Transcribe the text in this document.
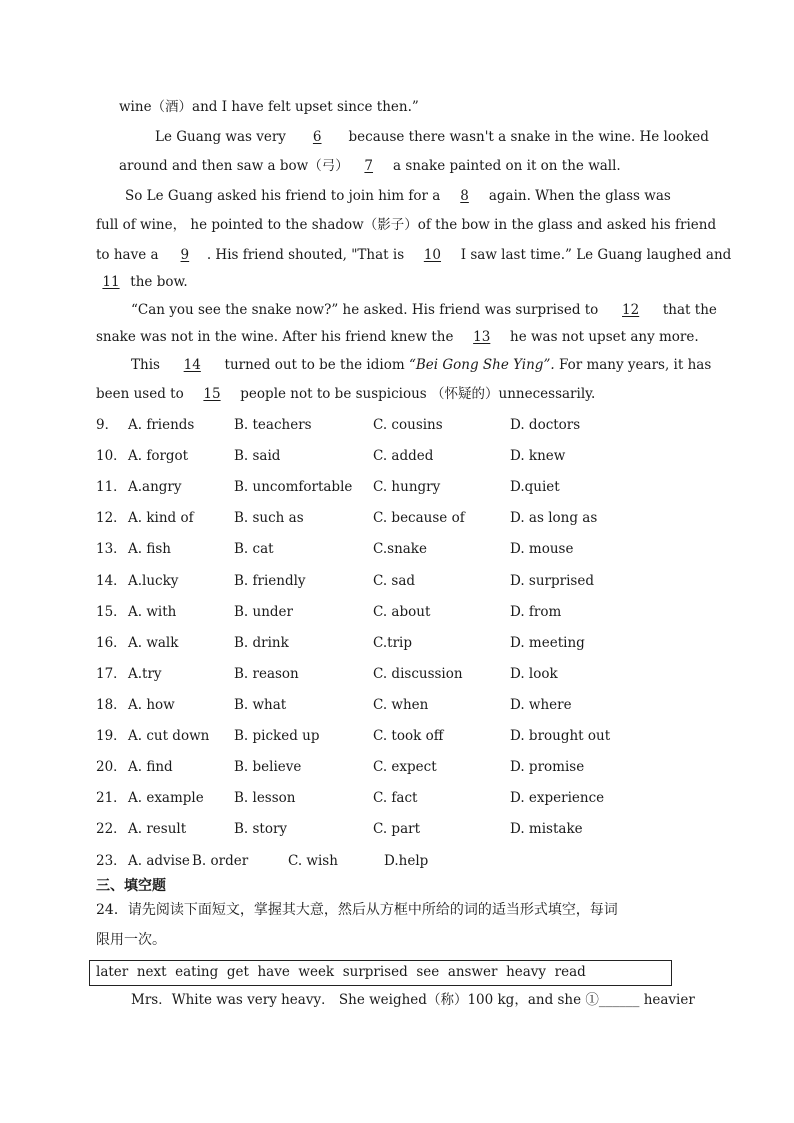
wine（酒）and I have felt upset since then.”
Le Guang was very 6 because there wasn't a snake in the wine. He looked
around and then saw a bow（弓） 7 a snake painted on it on the wall.
So Le Guang asked his friend to join him for a 8 again. When the glass was
full of wine， he pointed to the shadow（影子）of the bow in the glass and asked his friend
to have a 9 . His friend shouted, "That is 10 I saw last time.” Le Guang laughed and
11 the bow.
“Can you see the snake now?” he asked. His friend was surprised to 12 that the
snake was not in the wine. After his friend knew the 13 he was not upset any more.
This 14 turned out to be the idiom “Bei Gong She Ying”. For many years, it has
been used to 15 people not to be suspicious （怀疑的）unnecessarily.
9． A. friends	B. teachers	C. cousins	D. doctors
10． A. forgot	B. said	C. added	D. knew
11． A.angry	B. uncomfortable C. hungry	D.quiet
12． A. kind of	B. such as	C. because of	D. as long as
13． A. fish	B. cat	C.snake	D. mouse
14． A.lucky	B. friendly	C. sad	D. surprised
15． A. with	B. under	C. about	D. from
16． A. walk	B. drink	C.trip	D. meeting
17． A.try	B. reason	C. discussion	D. look
18． A. how	B. what	C. when	D. where
19． A. cut down B. picked up	C. took off	D. brought out
20． A. find	B. believe	C. expect	D. promise
21． A. example B. lesson	C. fact	D. experience
22． A. result	B. story	C. part	D. mistake
23． A. advise B. order	C. wish	D.help
三、填空题
24．请先阅读下面短文，掌握其大意，然后从方框中所给的词的适当形式填空，每词
限用一次。
later  next  eating  get  have  week  surprised  see  answer  heavy  read
Mrs．White was very heavy． She weighed（称）100 kg，and she ①______ heavier
